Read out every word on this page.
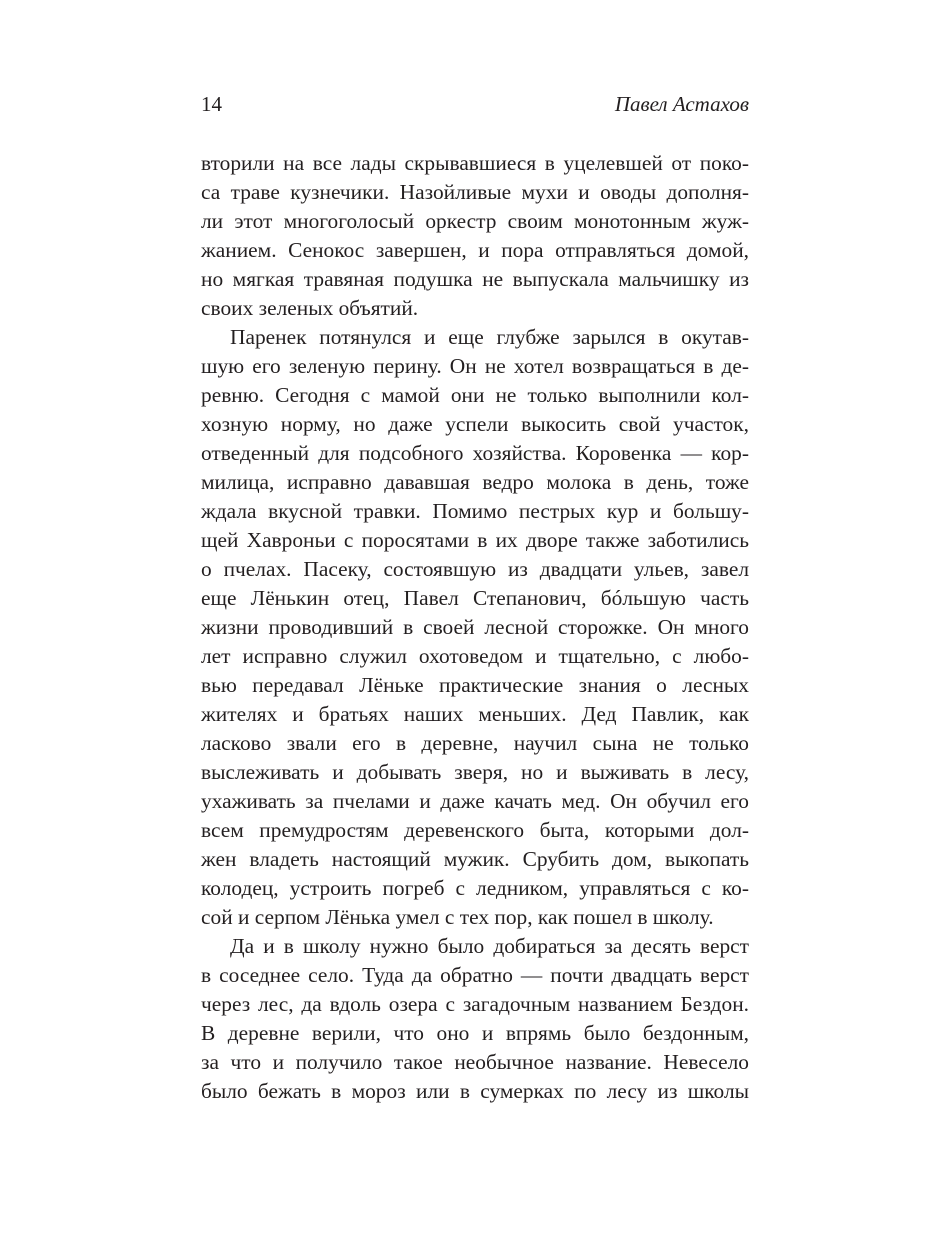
14	Павел Астахов
вторили на все лады скрывавшиеся в уцелевшей от поко-
са траве кузнечики. Назойливые мухи и оводы дополня-
ли этот многоголосый оркестр своим монотонным жуж-
жанием. Сенокос завершен, и пора отправляться домой,
но мягкая травяная подушка не выпускала мальчишку из
своих зеленых объятий.
Паренек потянулся и еще глубже зарылся в окутав-
шую его зеленую перину. Он не хотел возвращаться в де-
ревню. Сегодня с мамой они не только выполнили кол-
хозную норму, но даже успели выкосить свой участок,
отведенный для подсобного хозяйства. Коровенка — кор-
милица, исправно дававшая ведро молока в день, тоже
ждала вкусной травки. Помимо пестрых кур и большу-
щей Хавроньи с поросятами в их дворе также заботились
о пчелах. Пасеку, состоявшую из двадцати ульев, завел
еще Лёнькин отец, Павел Степанович, бóльшую часть
жизни проводивший в своей лесной сторожке. Он много
лет исправно служил охотоведом и тщательно, с любо-
вью передавал Лёньке практические знания о лесных
жителях и братьях наших меньших. Дед Павлик, как
ласково звали его в деревне, научил сына не только
выслеживать и добывать зверя, но и выживать в лесу,
ухаживать за пчелами и даже качать мед. Он обучил его
всем премудростям деревенского быта, которыми дол-
жен владеть настоящий мужик. Срубить дом, выкопать
колодец, устроить погреб с ледником, управляться с ко-
сой и серпом Лёнька умел с тех пор, как пошел в школу.
Да и в школу нужно было добираться за десять верст
в соседнее село. Туда да обратно — почти двадцать верст
через лес, да вдоль озера с загадочным названием Бездон.
В деревне верили, что оно и впрямь было бездонным,
за что и получило такое необычное название. Невесело
было бежать в мороз или в сумерках по лесу из школы
